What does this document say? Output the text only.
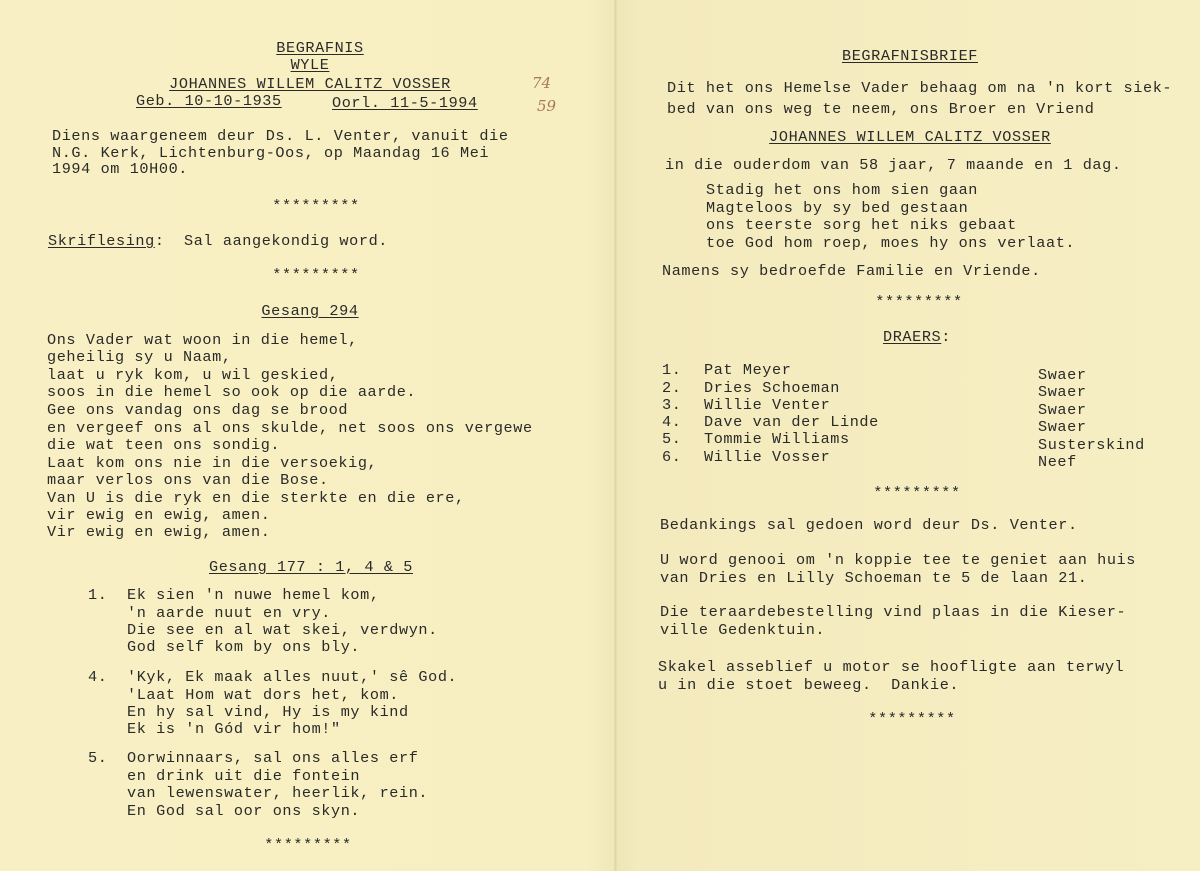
BEGRAFNIS
WYLE
JOHANNES WILLEM CALITZ VOSSER
Geb. 10-10-1935	Oorl. 11-5-1994
74
59
Diens waargeneem deur Ds. L. Venter, vanuit die
N.G. Kerk, Lichtenburg-Oos, op Maandag 16 Mei
1994 om 10H00.
*********
Skriflesing:  Sal aangekondig word.
*********
Gesang 294
Ons Vader wat woon in die hemel,
geheilig sy u Naam,
laat u ryk kom, u wil geskied,
soos in die hemel so ook op die aarde.
Gee ons vandag ons dag se brood
en vergeef ons al ons skulde, net soos ons vergewe
die wat teen ons sondig.
Laat kom ons nie in die versoekig,
maar verlos ons van die Bose.
Van U is die ryk en die sterkte en die ere,
vir ewig en ewig, amen.
Vir ewig en ewig, amen.
Gesang 177 : 1, 4 & 5
1. Ek sien 'n nuwe hemel kom,
'n aarde nuut en vry.
Die see en al wat skei, verdwyn.
God self kom by ons bly.
4. 'Kyk, Ek maak alles nuut,' sê God.
'Laat Hom wat dors het, kom.
En hy sal vind, Hy is my kind
Ek is 'n Gód vir hom!"
5. Oorwinnaars, sal ons alles erf
en drink uit die fontein
van lewenswater, heerlik, rein.
En God sal oor ons skyn.
*********
BEGRAFNISBRIEF
Dit het ons Hemelse Vader behaag om na 'n kort siek-
bed van ons weg te neem, ons Broer en Vriend
JOHANNES WILLEM CALITZ VOSSER
in die ouderdom van 58 jaar, 7 maande en 1 dag.
Stadig het ons hom sien gaan
Magteloos by sy bed gestaan
ons teerste sorg het niks gebaat
toe God hom roep, moes hy ons verlaat.
Namens sy bedroefde Familie en Vriende.
*********
DRAERS:
1. Pat Meyer	Swaer
2. Dries Schoeman	Swaer
3. Willie Venter	Swaer
4. Dave van der Linde	Swaer
5. Tommie Williams	Susterskind
6. Willie Vosser	Neef
*********
Bedankings sal gedoen word deur Ds. Venter.
U word genooi om 'n koppie tee te geniet aan huis
van Dries en Lilly Schoeman te 5 de laan 21.
Die teraardebestelling vind plaas in die Kieser-
ville Gedenktuin.
Skakel asseblief u motor se hoofligte aan terwyl
u in die stoet beweeg.  Dankie.
*********
